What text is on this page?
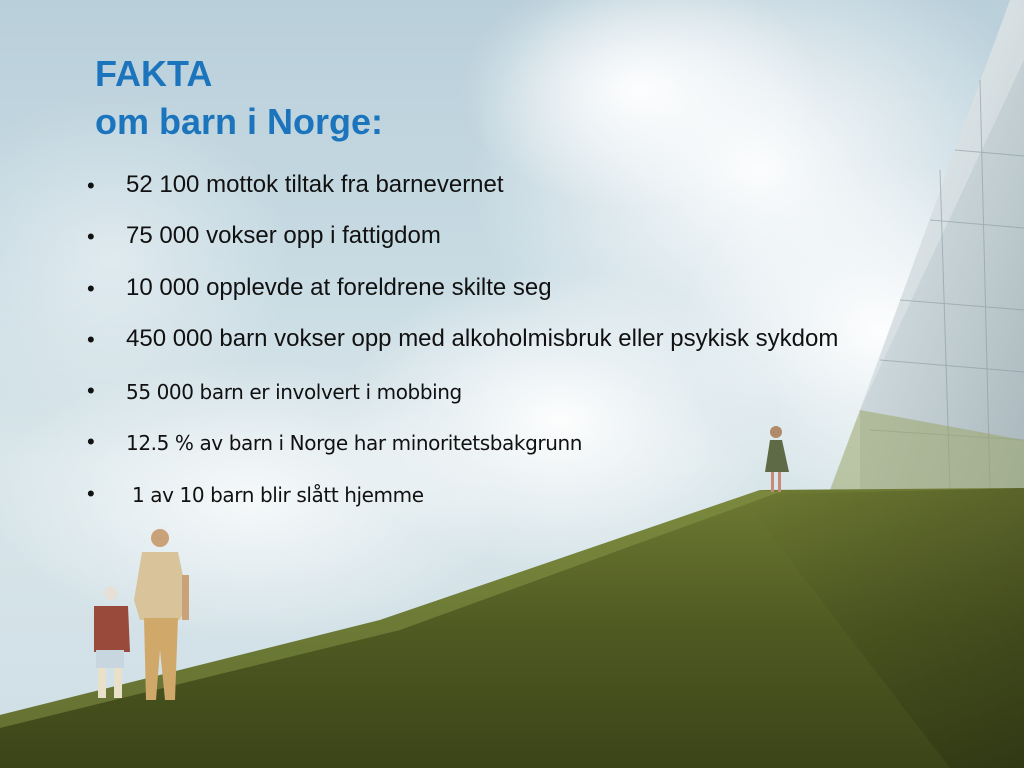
FAKTA
om barn i Norge:
• 52 100 mottok tiltak fra barnevernet
• 75 000 vokser opp i fattigdom
• 10 000 opplevde at foreldrene skilte seg
• 450 000 barn vokser opp med alkoholmisbruk eller psykisk sykdom
• 55 000 barn er involvert i mobbing
• 12.5 % av barn i Norge har minoritetsbakgrunn
• 1 av 10 barn blir slått hjemme
